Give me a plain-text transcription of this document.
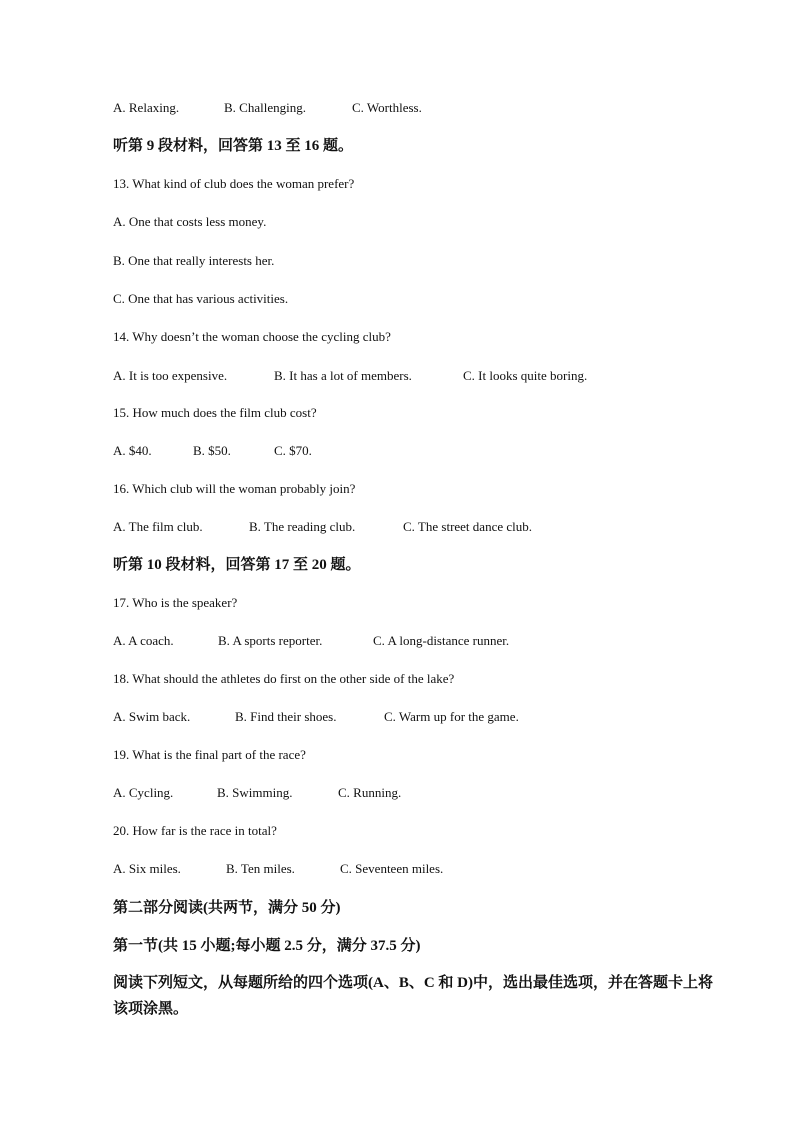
A. Relaxing.	B. Challenging.	C. Worthless.
听第 9 段材料，回答第 13 至 16 题。
13. What kind of club does the woman prefer?
A. One that costs less money.
B. One that really interests her.
C. One that has various activities.
14. Why doesn’t the woman choose the cycling club?
A. It is too expensive.	B. It has a lot of members.	C. It looks quite boring.
15. How much does the film club cost?
A. $40.	B. $50.	C. $70.
16. Which club will the woman probably join?
A. The film club.	B. The reading club.	C. The street dance club.
听第 10 段材料，回答第 17 至 20 题。
17. Who is the speaker?
A. A coach.	B. A sports reporter.	C. A long-distance runner.
18. What should the athletes do first on the other side of the lake?
A. Swim back.	B. Find their shoes.	C. Warm up for the game.
19. What is the final part of the race?
A. Cycling.	B. Swimming.	C. Running.
20. How far is the race in total?
A. Six miles.	B. Ten miles.	C. Seventeen miles.
第二部分阅读(共两节，满分 50 分)
第一节(共 15 小题;每小题 2.5 分，满分 37.5 分)
阅读下列短文，从每题所给的四个选项(A、B、C 和 D)中，选出最佳选项，并在答题卡上将该项涂黑。
